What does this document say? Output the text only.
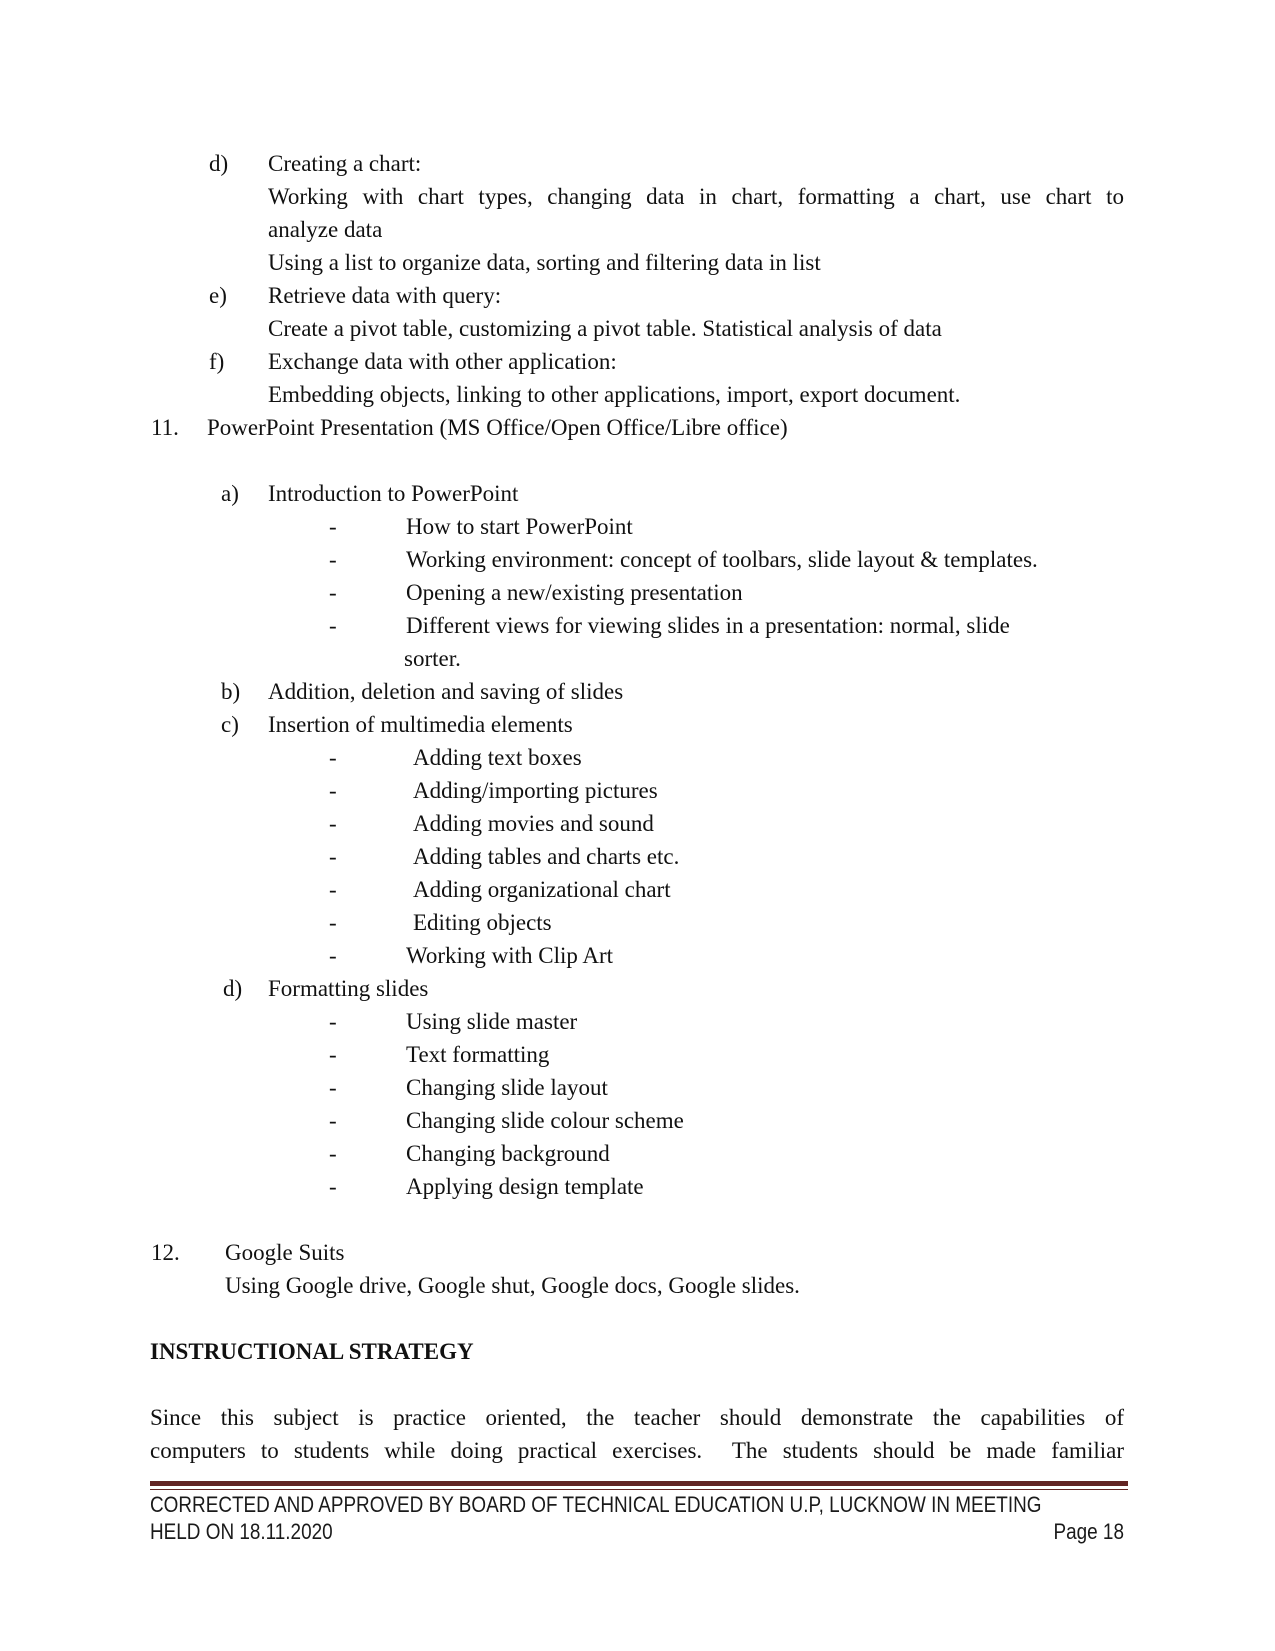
d) Creating a chart:
Working with chart types, changing data in chart, formatting a chart, use chart to
analyze data
Using a list to organize data, sorting and filtering data in list
e) Retrieve data with query:
Create a pivot table, customizing a pivot table. Statistical analysis of data
f) Exchange data with other application:
Embedding objects, linking to other applications, import, export document.
11. PowerPoint Presentation (MS Office/Open Office/Libre office)
a) Introduction to PowerPoint
-	How to start PowerPoint
-	Working environment: concept of toolbars, slide layout & templates.
-	Opening a new/existing presentation
-	Different views for viewing slides in a presentation: normal, slide
sorter.
b) Addition, deletion and saving of slides
c) Insertion of multimedia elements
-	Adding text boxes
-	Adding/importing pictures
-	Adding movies and sound
-	Adding tables and charts etc.
-	Adding organizational chart
-	Editing objects
-	Working with Clip Art
d) Formatting slides
-	Using slide master
-	Text formatting
-	Changing slide layout
-	Changing slide colour scheme
-	Changing background
-	Applying design template
12. Google Suits
Using Google drive, Google shut, Google docs, Google slides.
INSTRUCTIONAL STRATEGY
Since this subject is practice oriented, the teacher should demonstrate the capabilities of
computers to students while doing practical exercises.  The students should be made familiar
CORRECTED AND APPROVED BY BOARD OF TECHNICAL EDUCATION U.P, LUCKNOW IN MEETING
HELD ON 18.11.2020	Page 18
